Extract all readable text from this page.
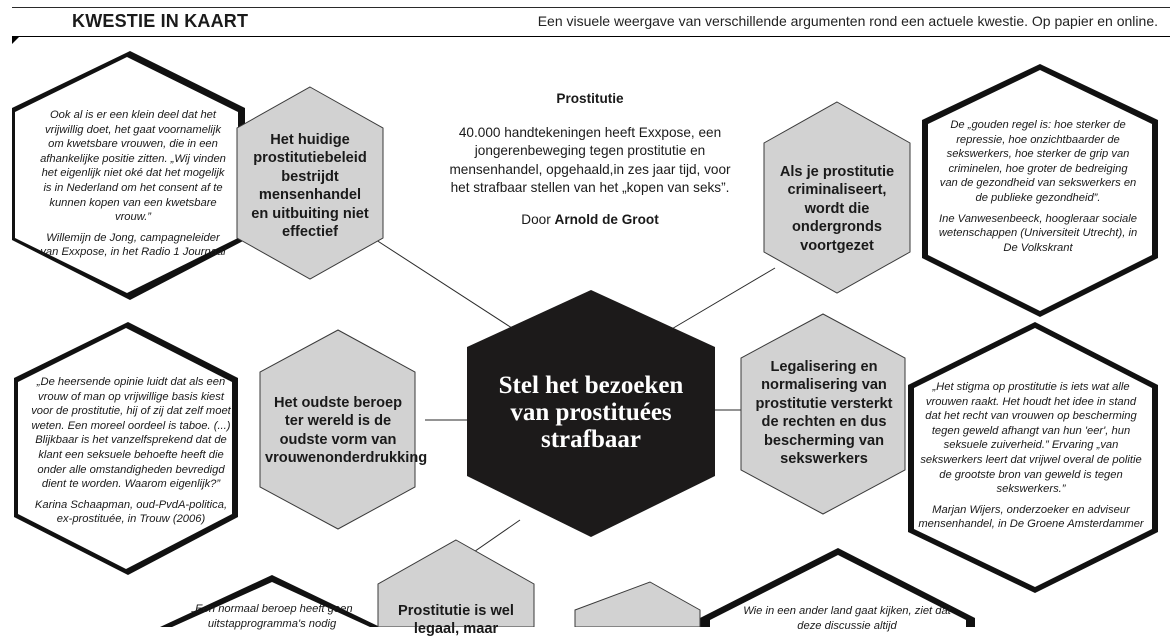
KWESTIE IN KAART	Een visuele weergave van verschillende argumenten rond een actuele kwestie. Op papier en online.
Prostitutie
40.000 handtekeningen heeft Exxpose, een jongerenbeweging tegen prostitutie en mensenhandel, opgehaald,in zes jaar tijd, voor het strafbaar stellen van het „kopen van seks”.
Door Arnold de Groot
Stel het bezoeken van prostituées strafbaar
Het huidige prostitutiebeleid bestrijdt mensenhandel en uitbuiting niet effectief
Als je prostitutie criminaliseert, wordt die ondergronds voortgezet
Het oudste beroep ter wereld is de oudste vorm van vrouwenonderdrukking
Legalisering en normalisering van prostitutie versterkt de rechten en dus bescherming van sekswerkers
Prostitutie is wel legaal, maar
Ook al is er een klein deel dat het vrijwillig doet, het gaat voornamelijk om kwetsbare vrouwen, die in een afhankelijke positie zitten. „Wij vinden het eigenlijk niet oké dat het mogelijk is in Nederland om het consent af te kunnen kopen van een kwetsbare vrouw.”
Willemijn de Jong, campagneleider van Exxpose, in het Radio 1 Journaal
De „gouden regel is: hoe sterker de repressie, hoe onzichtbaarder de sekswerkers, hoe sterker de grip van criminelen, hoe groter de bedreiging van de gezondheid van sekswerkers en de publieke gezondheid”.
Ine Vanwesenbeeck, hoogleraar sociale wetenschappen (Universiteit Utrecht), in De Volkskrant
„De heersende opinie luidt dat als een vrouw of man op vrijwillige basis kiest voor de prostitutie, hij of zij dat zelf moet weten. Een moreel oordeel is taboe. (...) Blijkbaar is het vanzelfsprekend dat de klant een seksuele behoefte heeft die onder alle omstandigheden bevredigd dient te worden. Waarom eigenlijk?”
Karina Schaapman, oud-PvdA-politica, ex-prostituée, in Trouw (2006)
„Het stigma op prostitutie is iets wat alle vrouwen raakt. Het houdt het idee in stand dat het recht van vrouwen op bescherming tegen geweld afhangt van hun 'eer', hun seksuele zuiverheid.” Ervaring „van sekswerkers leert dat vrijwel overal de politie de grootste bron van geweld is tegen sekswerkers.”
Marjan Wijers, onderzoeker en adviseur mensenhandel, in De Groene Amsterdammer
„Een normaal beroep heeft geen uitstapprogramma's nodig
Wie in een ander land gaat kijken, ziet dat deze discussie altijd
